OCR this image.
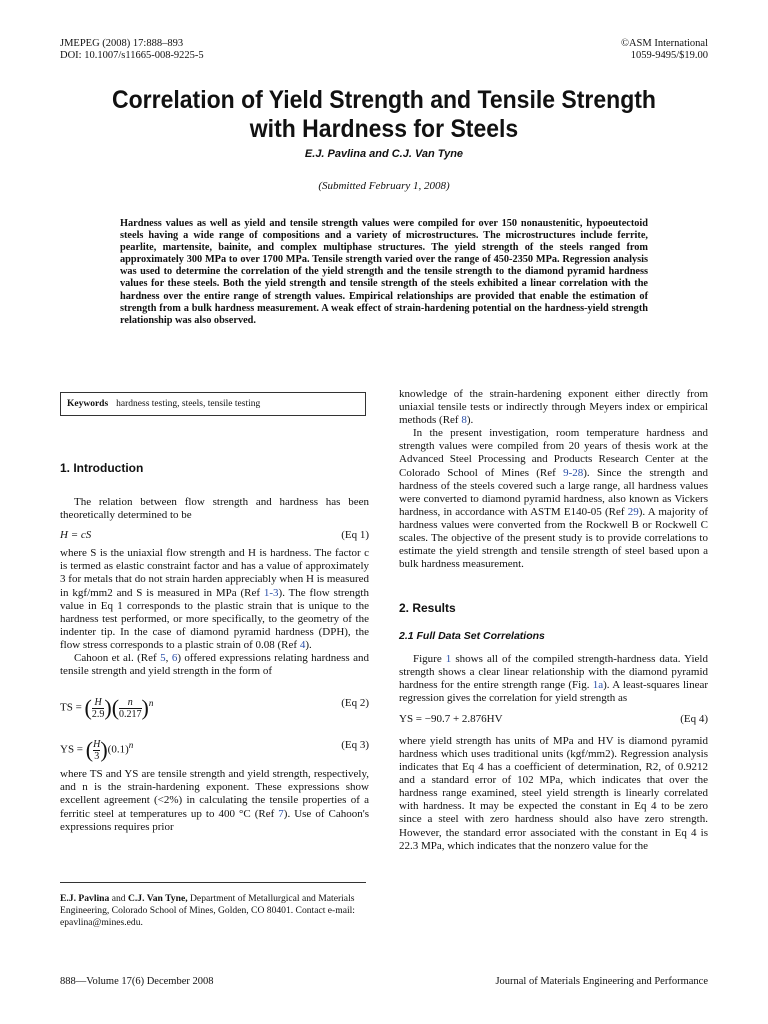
JMEPEG (2008) 17:888–893
DOI: 10.1007/s11665-008-9225-5
©ASM International
1059-9495/$19.00
Correlation of Yield Strength and Tensile Strength
with Hardness for Steels
E.J. Pavlina and C.J. Van Tyne
(Submitted February 1, 2008)
Hardness values as well as yield and tensile strength values were compiled for over 150 nonaustenitic, hypoeutectoid steels having a wide range of compositions and a variety of microstructures. The microstructures include ferrite, pearlite, martensite, bainite, and complex multiphase structures. The yield strength of the steels ranged from approximately 300 MPa to over 1700 MPa. Tensile strength varied over the range of 450-2350 MPa. Regression analysis was used to determine the correlation of the yield strength and the tensile strength to the diamond pyramid hardness values for these steels. Both the yield strength and tensile strength of the steels exhibited a linear correlation with the hardness over the entire range of strength values. Empirical relationships are provided that enable the estimation of strength from a bulk hardness measurement. A weak effect of strain-hardening potential on the hardness-yield strength relationship was also observed.
Keywords hardness testing, steels, tensile testing
1. Introduction

The relation between flow strength and hardness has been theoretically determined to be

H = cS	(Eq 1)

where S is the uniaxial flow strength and H is hardness. The factor c is termed as elastic constraint factor and has a value of approximately 3 for metals that do not strain harden appreciably when H is measured in kgf/mm2 and S is measured in MPa (Ref 1-3). The flow strength value in Eq 1 corresponds to the plastic strain that is unique to the hardness test performed, or more specifically, to the geometry of the indenter tip. In the case of diamond pyramid hardness (DPH), the flow stress corresponds to a plastic strain of 0.08 (Ref 4).

Cahoon et al. (Ref 5, 6) offered expressions relating hardness and tensile strength and yield strength in the form of

TS = ( $\frac{H}{2.9}$ )( $\frac{n}{0.217} )^n$	(Eq 2)
YS = ( $\frac{H}{3} )(0.1)^n$	(Eq 3)

where TS and YS are tensile strength and yield strength, respectively, and n is the strain-hardening exponent. These expressions show excellent agreement (<2%) in calculating the tensile properties of a ferritic steel at temperatures up to 400 °C (Ref 7). Use of Cahoon's expressions requires prior

E.J. Pavlina and C.J. Van Tyne, Department of Metallurgical and Materials Engineering, Colorado School of Mines, Golden, CO 80401. Contact e-mail: epavlina@mines.edu.

knowledge of the strain-hardening exponent either directly from uniaxial tensile tests or indirectly through Meyers index or empirical methods (Ref 8).

In the present investigation, room temperature hardness and strength values were compiled from 20 years of thesis work at the Advanced Steel Processing and Products Research Center at the Colorado School of Mines (Ref 9-28). Since the strength and hardness of the steels covered such a large range, all hardness values were converted to diamond pyramid hardness, also known as Vickers hardness, in accordance with ASTM E140-05 (Ref 29). A majority of hardness values were converted from the Rockwell B or Rockwell C scales. The objective of the present study is to provide correlations to estimate the yield strength and tensile strength of steel based upon a bulk hardness measurement.

2. Results
2.1 Full Data Set Correlations

Figure 1 shows all of the compiled strength-hardness data. Yield strength shows a clear linear relationship with the diamond pyramid hardness for the entire strength range (Fig. 1a). A least-squares linear regression gives the correlation for yield strength as

YS = −90.7 + 2.876HV	(Eq 4)

where yield strength has units of MPa and HV is diamond pyramid hardness which uses traditional units (kgf/mm2). Regression analysis indicates that Eq 4 has a coefficient of determination, R2, of 0.9212 and a standard error of 102 MPa, which indicates that over the hardness range examined, steel yield strength is linearly correlated with hardness. It may be expected the constant in Eq 4 to be zero since a steel with zero hardness should also have zero strength. However, the standard error associated with the constant in Eq 4 is 22.3 MPa, which indicates that the nonzero value for the

888—Volume 17(6) December 2008	Journal of Materials Engineering and Performance
